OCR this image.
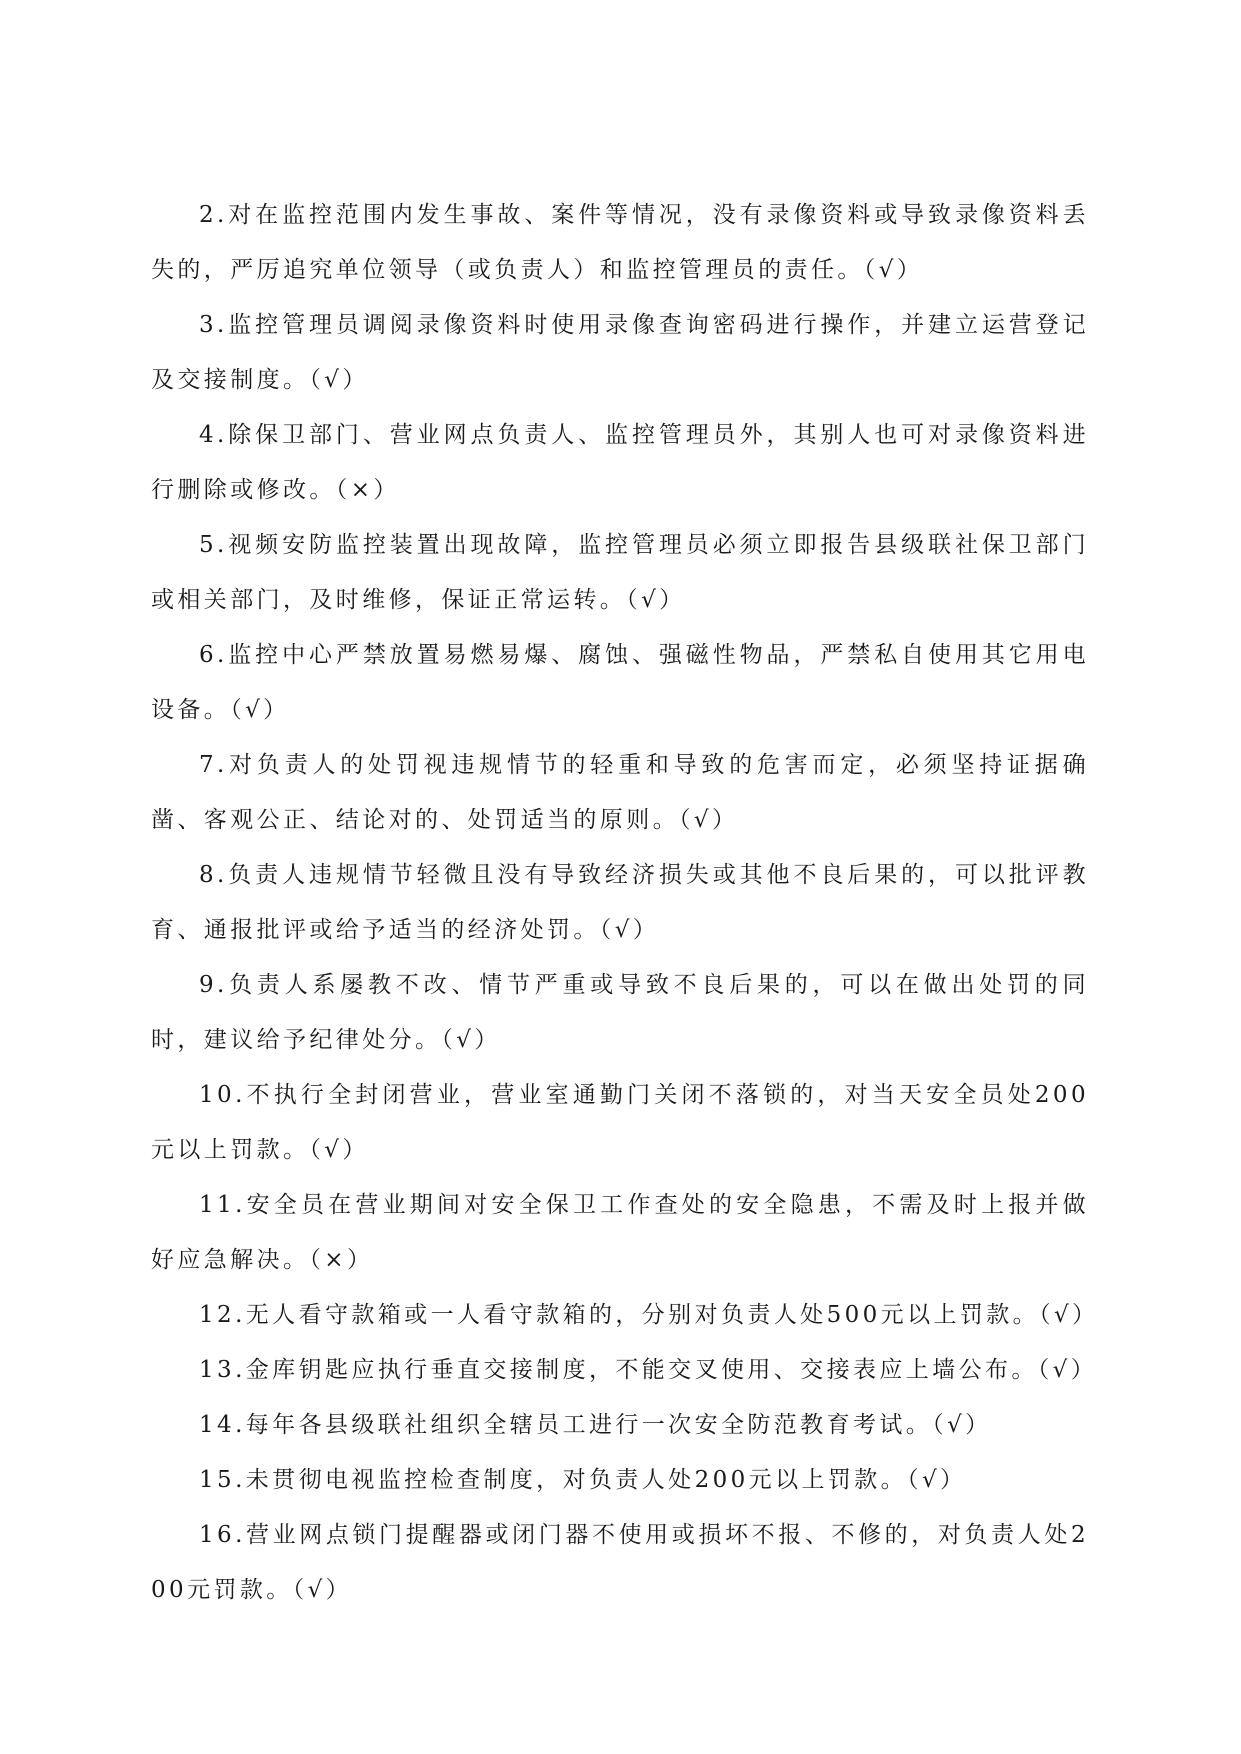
2.对在监控范围内发生事故、案件等情况，没有录像资料或导致录像资料丢失的，严厉追究单位领导（或负责人）和监控管理员的责任。（√）

3.监控管理员调阅录像资料时使用录像查询密码进行操作，并建立运营登记及交接制度。（√）

4.除保卫部门、营业网点负责人、监控管理员外，其别人也可对录像资料进行删除或修改。（×）

5.视频安防监控装置出现故障，监控管理员必须立即报告县级联社保卫部门或相关部门，及时维修，保证正常运转。（√）

6.监控中心严禁放置易燃易爆、腐蚀、强磁性物品，严禁私自使用其它用电设备。（√）

7.对负责人的处罚视违规情节的轻重和导致的危害而定，必须坚持证据确凿、客观公正、结论对的、处罚适当的原则。（√）

8.负责人违规情节轻微且没有导致经济损失或其他不良后果的，可以批评教育、通报批评或给予适当的经济处罚。（√）

9.负责人系屡教不改、情节严重或导致不良后果的，可以在做出处罚的同时，建议给予纪律处分。（√）

10.不执行全封闭营业，营业室通勤门关闭不落锁的，对当天安全员处200元以上罚款。（√）

11.安全员在营业期间对安全保卫工作查处的安全隐患，不需及时上报并做好应急解决。（×）

12.无人看守款箱或一人看守款箱的，分别对负责人处500元以上罚款。（√）

13.金库钥匙应执行垂直交接制度，不能交叉使用、交接表应上墙公布。（√）

14.每年各县级联社组织全辖员工进行一次安全防范教育考试。（√）

15.未贯彻电视监控检查制度，对负责人处200元以上罚款。（√）

16.营业网点锁门提醒器或闭门器不使用或损坏不报、不修的，对负责人处200元罚款。（√）
